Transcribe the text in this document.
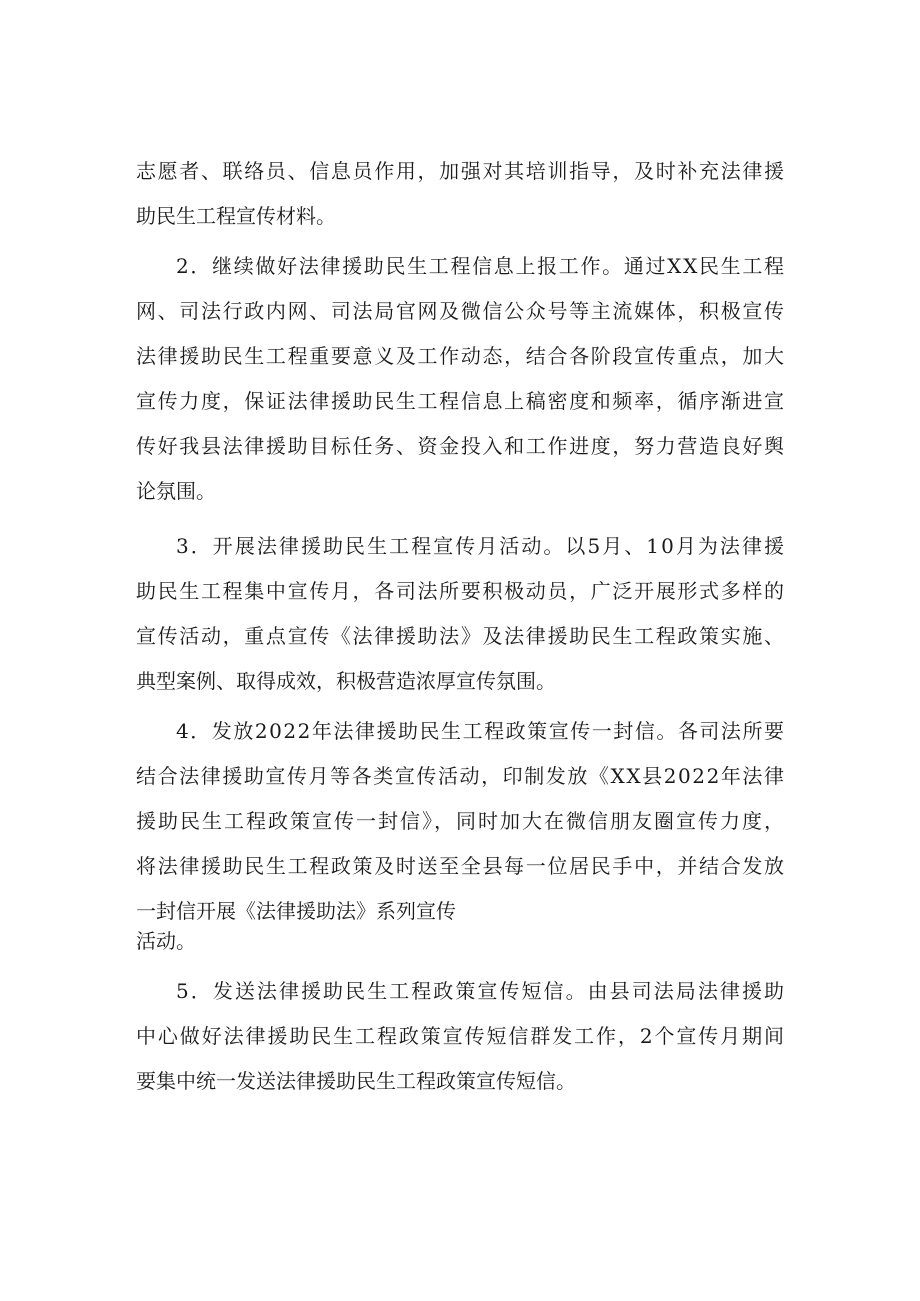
志愿者、联络员、信息员作用，加强对其培训指导，及时补充法律援
助民生工程宣传材料。
2．继续做好法律援助民生工程信息上报工作。通过XX民生工程
网、司法行政内网、司法局官网及微信公众号等主流媒体，积极宣传
法律援助民生工程重要意义及工作动态，结合各阶段宣传重点，加大
宣传力度，保证法律援助民生工程信息上稿密度和频率，循序渐进宣
传好我县法律援助目标任务、资金投入和工作进度，努力营造良好舆
论氛围。
3．开展法律援助民生工程宣传月活动。以5月、10月为法律援
助民生工程集中宣传月，各司法所要积极动员，广泛开展形式多样的
宣传活动，重点宣传《法律援助法》及法律援助民生工程政策实施、
典型案例、取得成效，积极营造浓厚宣传氛围。
4．发放2022年法律援助民生工程政策宣传一封信。各司法所要
结合法律援助宣传月等各类宣传活动，印制发放《XX县2022年法律
援助民生工程政策宣传一封信》，同时加大在微信朋友圈宣传力度，
将法律援助民生工程政策及时送至全县每一位居民手中，并结合发放
一封信开展《法律援助法》系列宣传
活动。
5．发送法律援助民生工程政策宣传短信。由县司法局法律援助
中心做好法律援助民生工程政策宣传短信群发工作，2个宣传月期间
要集中统一发送法律援助民生工程政策宣传短信。
